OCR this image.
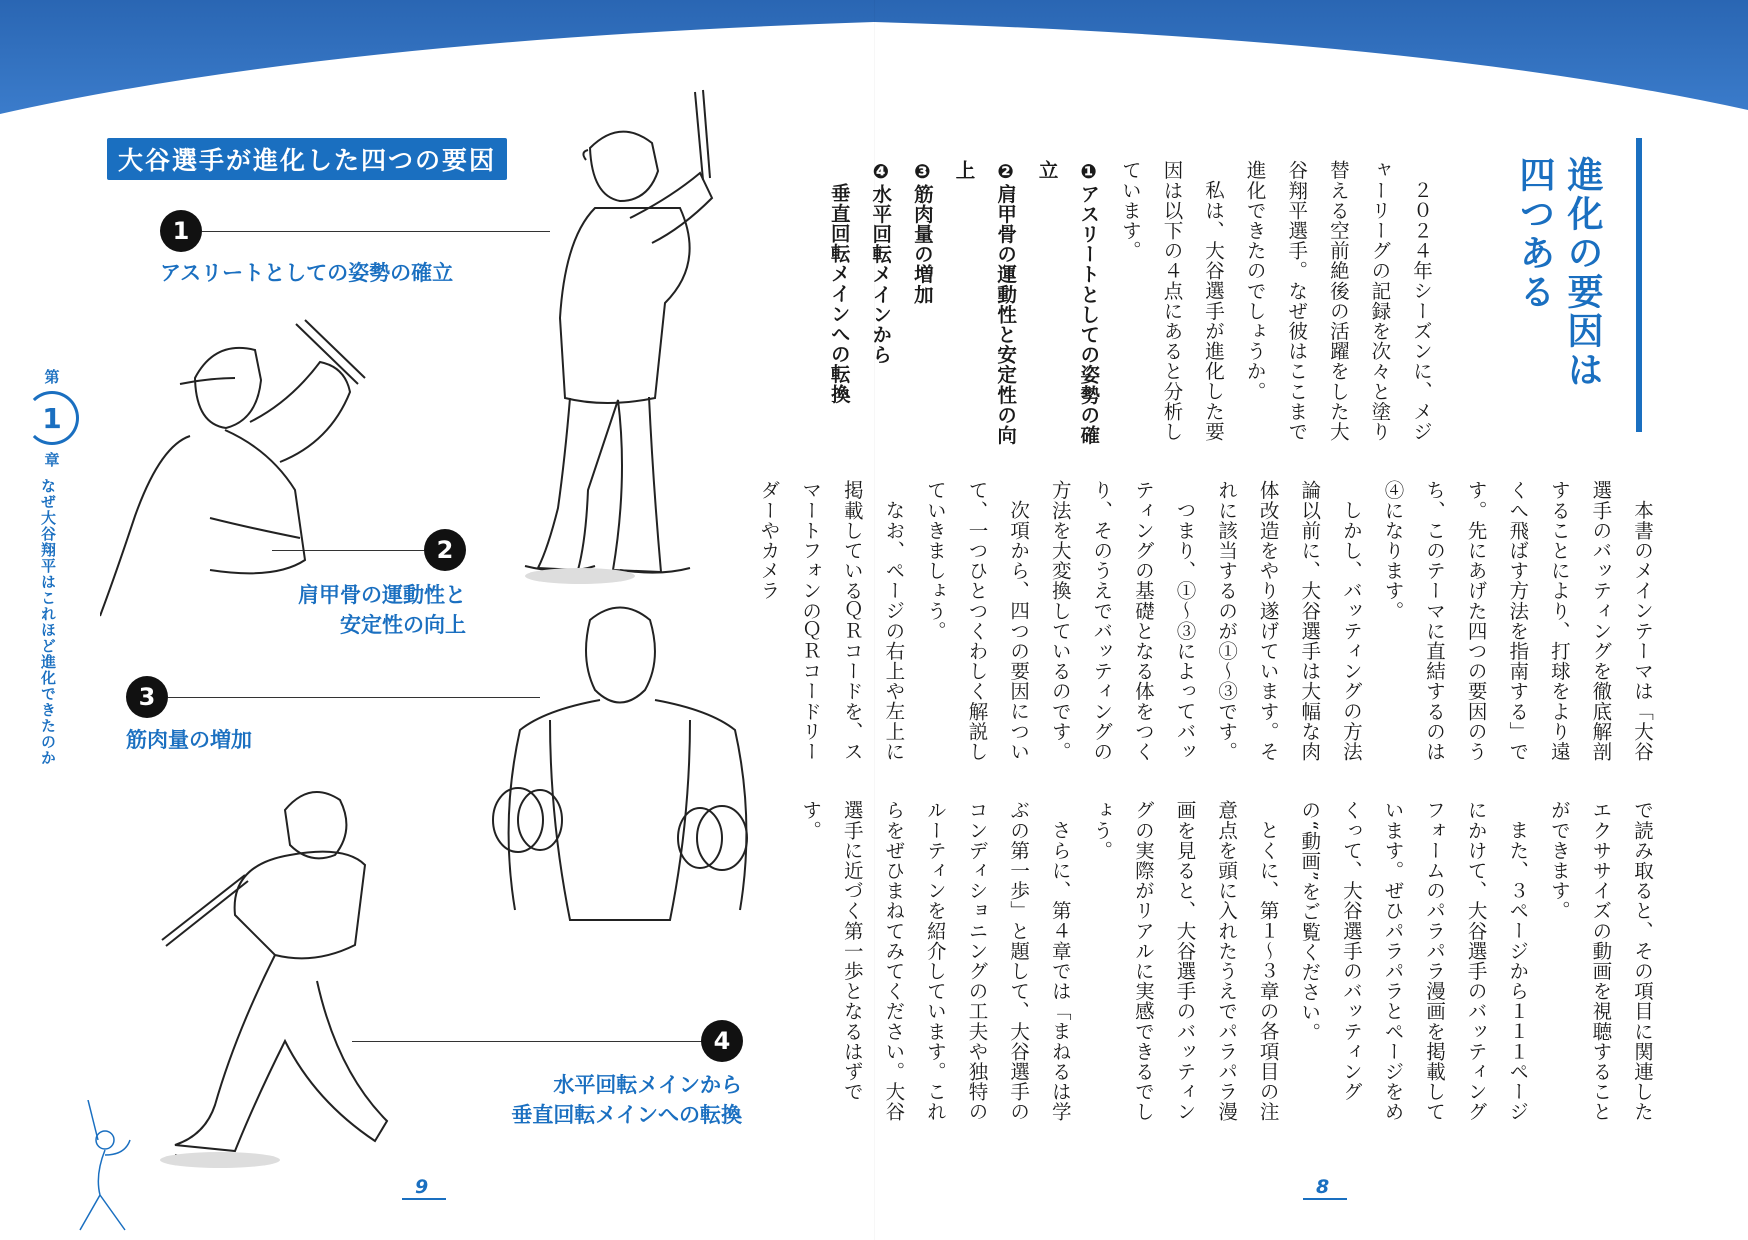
大谷選手が進化した四つの要因
1
アスリートとしての姿勢の確立
2
肩甲骨の運動性と
安定性の向上
3
筋肉量の増加
4
水平回転メインから
垂直回転メインへの転換
第
1
章
なぜ大谷翔平はこれほど進化できたのか
9
進化の要因は
四つある

２０２４年シーズンに、メジャーリーグの記録を次々と塗り替える空前絶後の活躍をした大谷翔平選手。なぜ彼はここまで進化できたのでしょうか。

私は、大谷選手が進化した要因は以下の４点にあると分析しています。

❶アスリートとしての姿勢の確立

❷肩甲骨の運動性と安定性の向上

❸筋肉量の増加

❹水平回転メインから

垂直回転メインへの転換

本書のメインテーマは「大谷選手のバッティングを徹底解剖することにより、打球をより遠くへ飛ばす方法を指南する」です。先にあげた四つの要因のうち、このテーマに直結するのは④になります。

しかし、バッティングの方法論以前に、大谷選手は大幅な肉体改造をやり遂げています。それに該当するのが①〜③です。

つまり、①〜③によってバッティングの基礎となる体をつくり、そのうえでバッティングの方法を大変換しているのです。

次項から、四つの要因について、一つひとつくわしく解説していきましょう。

なお、ページの右上や左上に掲載しているＱＲコードを、スマートフォンのＱＲコードリーダーやカメラ

で読み取ると、その項目に関連したエクササイズの動画を視聴することができます。

また、３ページから１１１ページにかけて、大谷選手のバッティングフォームのパラパラ漫画を掲載しています。ぜひパラパラとページをめくって、大谷選手のバッティングの“動画”をご覧ください。

とくに、第１〜３章の各項目の注意点を頭に入れたうえでパラパラ漫画を見ると、大谷選手のバッティングの実際がリアルに実感できるでしょう。

さらに、第４章では「まねるは学ぶの第一歩」と題して、大谷選手のコンディショニングの工夫や独特のルーティンを紹介しています。これらをぜひまねてみてください。大谷選手に近づく第一歩となるはずです。

8
